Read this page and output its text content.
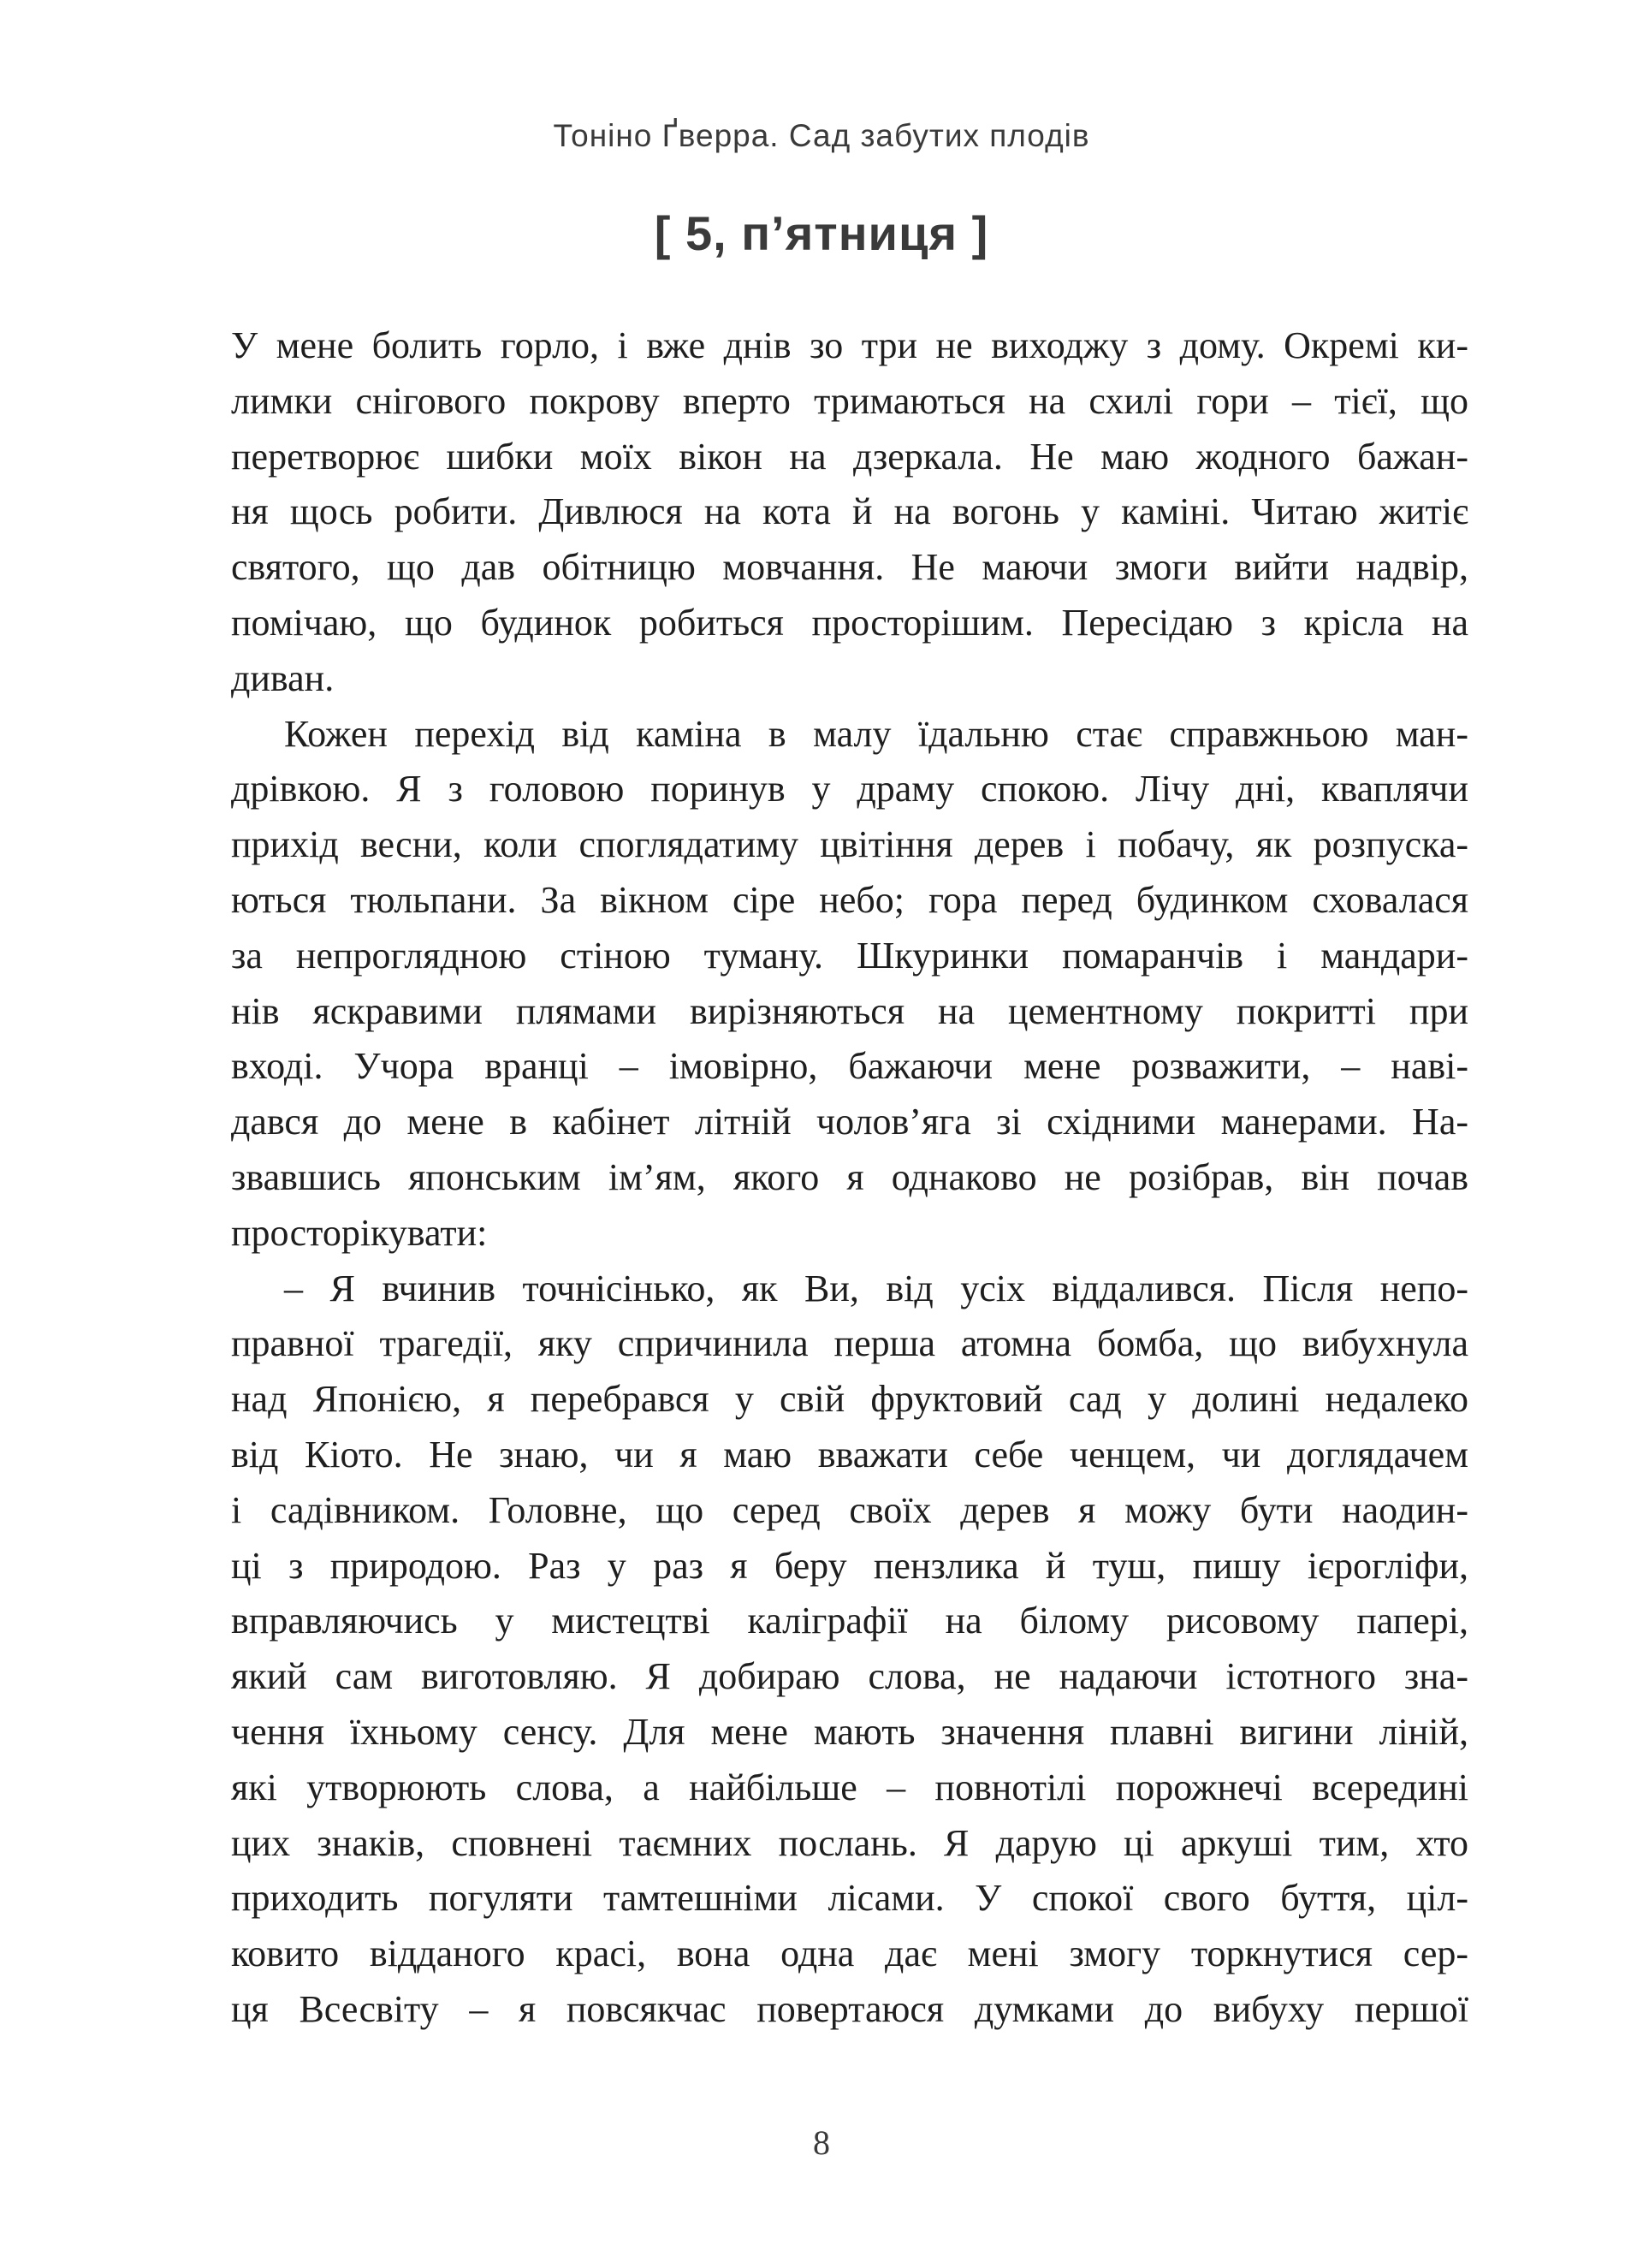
Тоніно Ґверра. Сад забутих плодів
[ 5, п’ятниця ]
У мене болить горло, і вже днів зо три не виходжу з дому. Окремі ки-
лимки снігового покрову вперто тримаються на схилі гори – тієї, що
перетворює шибки моїх вікон на дзеркала. Не маю жодного бажан-
ня щось робити. Дивлюся на кота й на вогонь у каміні. Читаю житіє
святого, що дав обітницю мовчання. Не маючи змоги вийти надвір,
помічаю, що будинок робиться просторішим. Пересідаю з крісла на
диван.
Кожен перехід від каміна в малу їдальню стає справжньою ман-
дрівкою. Я з головою поринув у драму спокою. Лічу дні, кваплячи
прихід весни, коли споглядатиму цвітіння дерев і побачу, як розпуска-
ються тюльпани. За вікном сіре небо; гора перед будинком сховалася
за непроглядною стіною туману. Шкуринки помаранчів і мандари-
нів яскравими плямами вирізняються на цементному покритті при
вході. Учора вранці – імовірно, бажаючи мене розважити, – наві-
дався до мене в кабінет літній чолов’яга зі східними манерами. На-
звавшись японським ім’ям, якого я однаково не розібрав, він почав
просторікувати:
– Я вчинив точнісінько, як Ви, від усіх віддалився. Після непо-
правної трагедії, яку спричинила перша атомна бомба, що вибухнула
над Японією, я перебрався у свій фруктовий сад у долині недалеко
від Кіото. Не знаю, чи я маю вважати себе ченцем, чи доглядачем
і садівником. Головне, що серед своїх дерев я можу бути наодин-
ці з природою. Раз у раз я беру пензлика й туш, пишу ієрогліфи,
вправляючись у мистецтві каліграфії на білому рисовому папері,
який сам виготовляю. Я добираю слова, не надаючи істотного зна-
чення їхньому сенсу. Для мене мають значення плавні вигини ліній,
які утворюють слова, а найбільше – повнотілі порожнечі всередині
цих знаків, сповнені таємних послань. Я дарую ці аркуші тим, хто
приходить погуляти тамтешніми лісами. У спокої свого буття, ціл-
ковито відданого красі, вона одна дає мені змогу торкнутися сер-
ця Всесвіту – я повсякчас повертаюся думками до вибуху першої
8
